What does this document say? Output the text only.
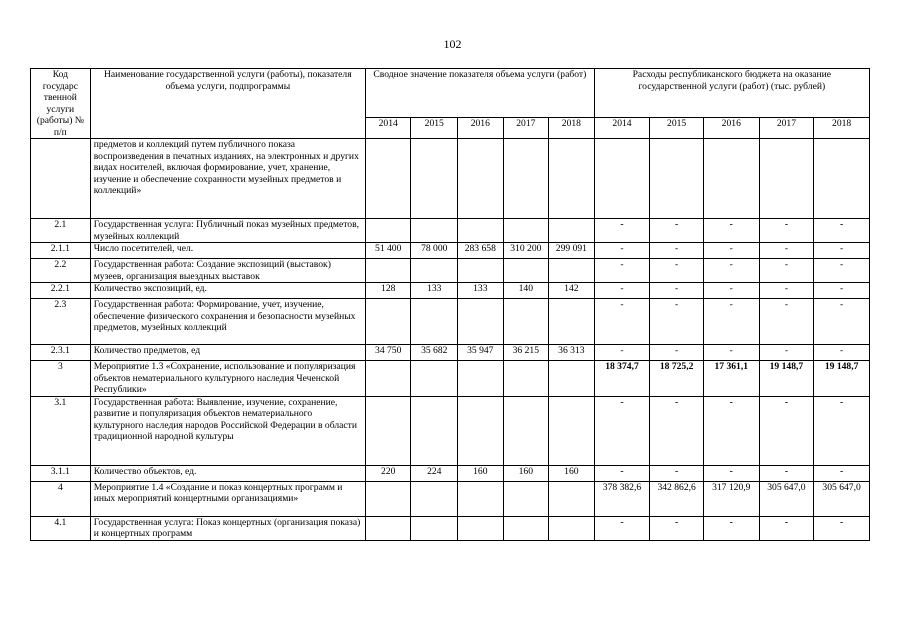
102
Код государс твенной услуги (работы) № п/п	Наименование государственной услуги (работы), показателя объема услуги, подпрограммы	Сводное значение показателя объема услуги (работ)					Расходы республиканского бюджета на оказание государственной услуги (работ) (тыс. рублей)				
		2014	2015	2016	2017	2018	2014	2015	2016	2017	2018
	предметов и коллекций путем публичного показа воспроизведения в печатных изданиях, на электронных и других видах носителей, включая формирование, учет, хранение, изучение и обеспечение сохранности музейных предметов и коллекций»										
2.1	Государственная услуга: Публичный показ музейных предметов, музейных коллекций						-	-	-	-	-
2.1.1	Число посетителей, чел.	51 400	78 000	283 658	310 200	299 091	-	-	-	-	-
2.2	Государственная работа: Создание экспозиций (выставок) музеев, организация выездных выставок						-	-	-	-	-
2.2.1	Количество экспозиций, ед.	128	133	133	140	142	-	-	-	-	-
2.3	Государственная работа: Формирование, учет, изучение, обеспечение физического сохранения и безопасности музейных предметов, музейных коллекций						-	-	-	-	-
2.3.1	Количество предметов, ед	34 750	35 682	35 947	36 215	36 313	-	-	-	-	-
3	Мероприятие 1.3 «Сохранение, использование и популяризация объектов нематериального культурного наследия Чеченской Республики»						18 374,7	18 725,2	17 361,1	19 148,7	19 148,7
3.1	Государственная работа: Выявление, изучение, сохранение, развитие и популяризация объектов нематериального культурного наследия народов Российской Федерации в области традиционной народной культуры						-	-	-	-	-
3.1.1	Количество объектов, ед.	220	224	160	160	160	-	-	-	-	-
4	Мероприятие 1.4 «Создание и показ концертных программ и иных мероприятий концертными организациями»						378 382,6	342 862,6	317 120,9	305 647,0	305 647,0
4.1	Государственная услуга: Показ концертных (организация показа) и концертных программ						-	-	-	-	-
